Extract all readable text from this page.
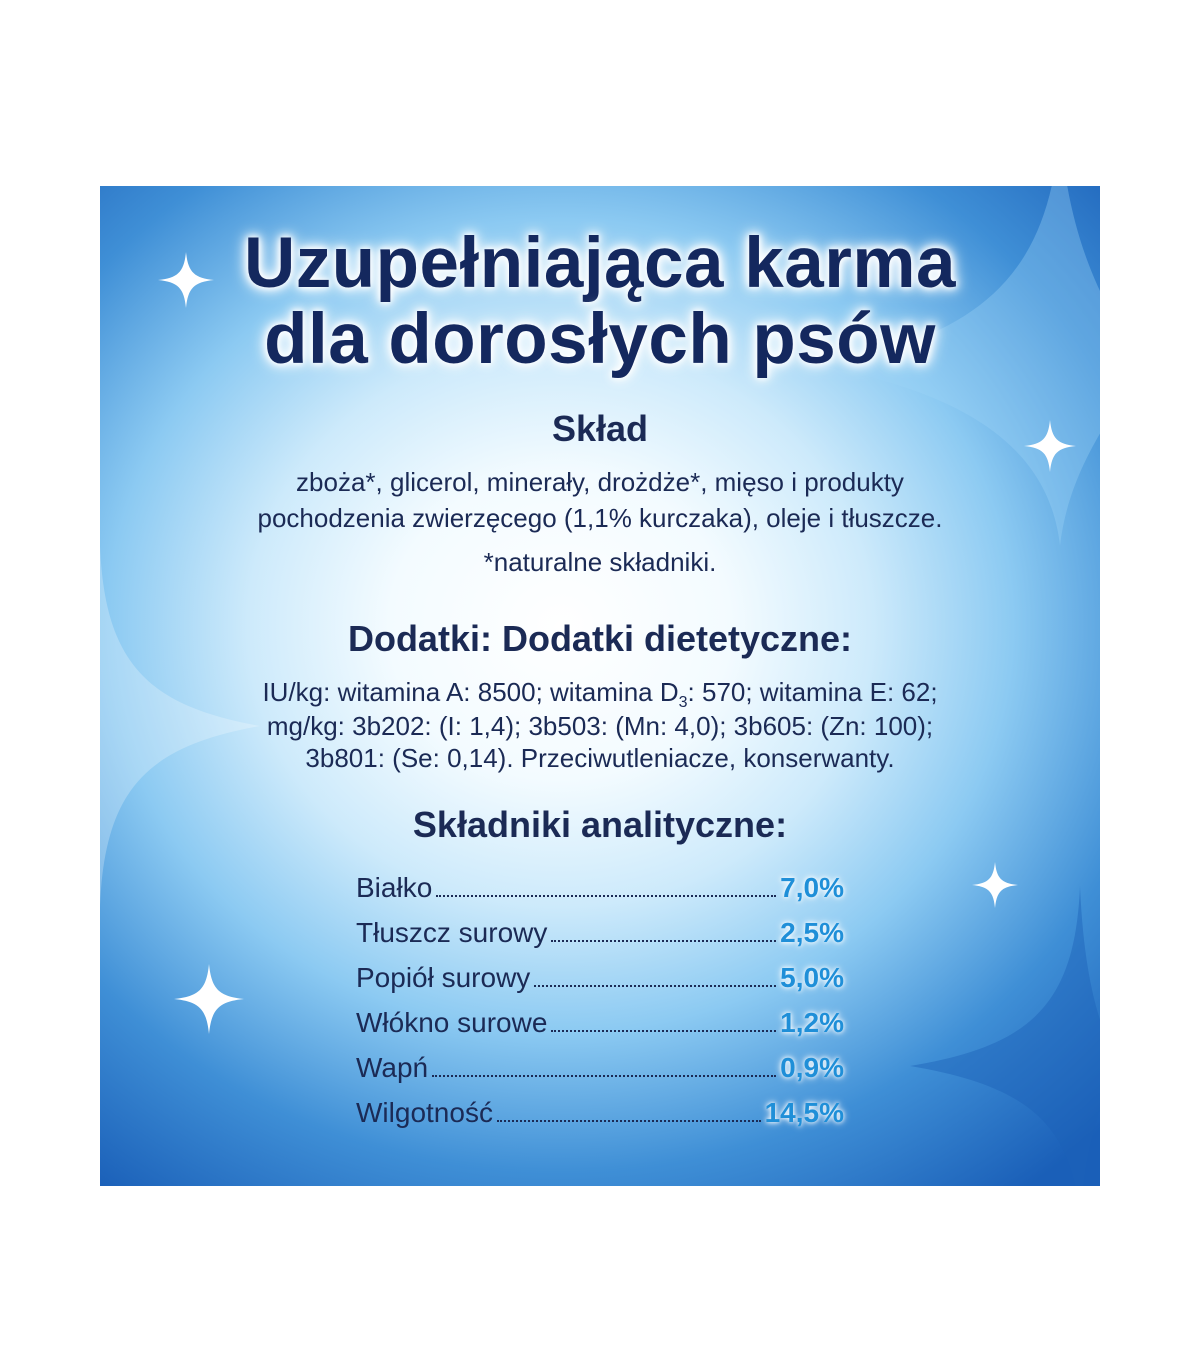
Uzupełniająca karma
dla dorosłych psów
Skład

zboża*, glicerol, minerały, drożdże*, mięso i produkty

pochodzenia zwierzęcego (1,1% kurczaka), oleje i tłuszcze.

*naturalne składniki.

Dodatki: Dodatki dietetyczne:

IU/kg: witamina A: 8500; witamina $D_3$: 570; witamina E: 62;

mg/kg: 3b202: (I: 1,4); 3b503: (Mn: 4,0); 3b605: (Zn: 100);

3b801: (Se: 0,14). Przeciwutleniacze, konserwanty.

Składniki analityczne:
Białko	7,0%
Tłuszcz surowy	2,5%
Popiół surowy	5,0%
Włókno surowe	1,2%
Wapń	0,9%
Wilgotność	14,5%
